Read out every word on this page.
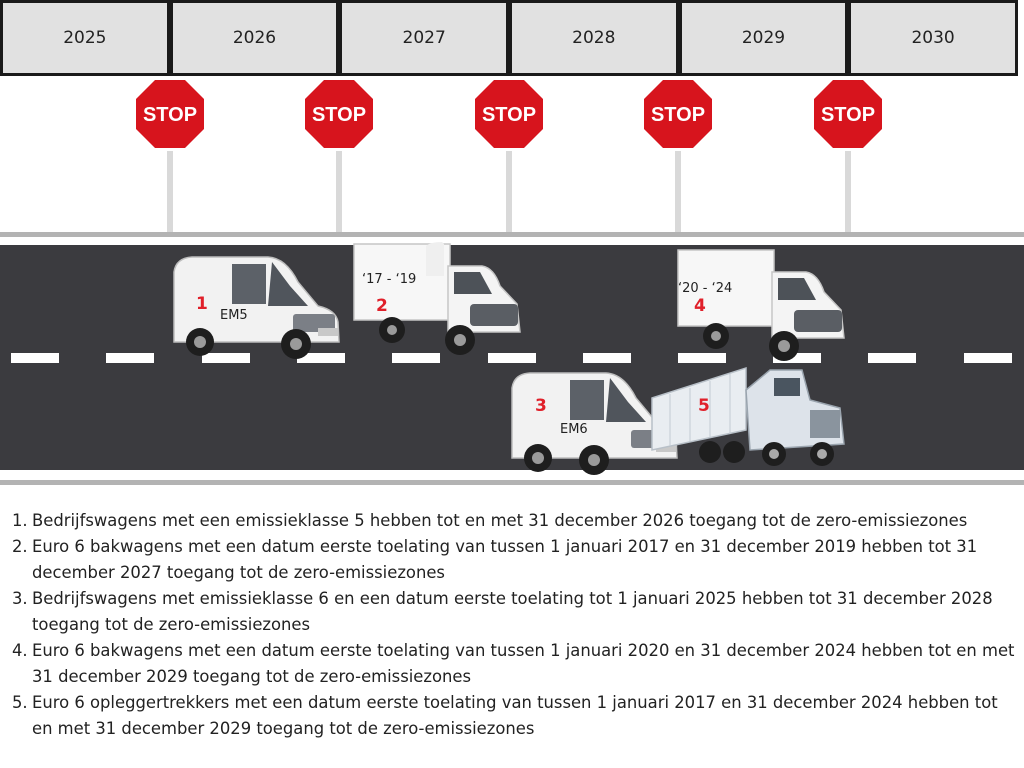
2025	2026	2027	2028	2029	2030
STOP	STOP	STOP	STOP	STOP
1
EM5
‘17 - ‘19
2
‘20 - ‘24
4
3
EM6
5
1. Bedrijfswagens met een emissieklasse 5 hebben tot en met 31 december 2026 toegang tot de zero-emissiezones
2. Euro 6 bakwagens met een datum eerste toelating van tussen 1 januari 2017 en 31 december 2019 hebben tot 31 december 2027 toegang tot de zero-emissiezones
3. Bedrijfswagens met emissieklasse 6 en een datum eerste toelating tot 1 januari 2025 hebben tot 31 december 2028 toegang tot de zero-emissiezones
4. Euro 6 bakwagens met een datum eerste toelating van tussen 1 januari 2020 en 31 december 2024 hebben tot en met 31 december 2029 toegang tot de zero-emissiezones
5. Euro 6 opleggertrekkers met een datum eerste toelating van tussen 1 januari 2017 en 31 december 2024 hebben tot en met 31 december 2029 toegang tot de zero-emissiezones
